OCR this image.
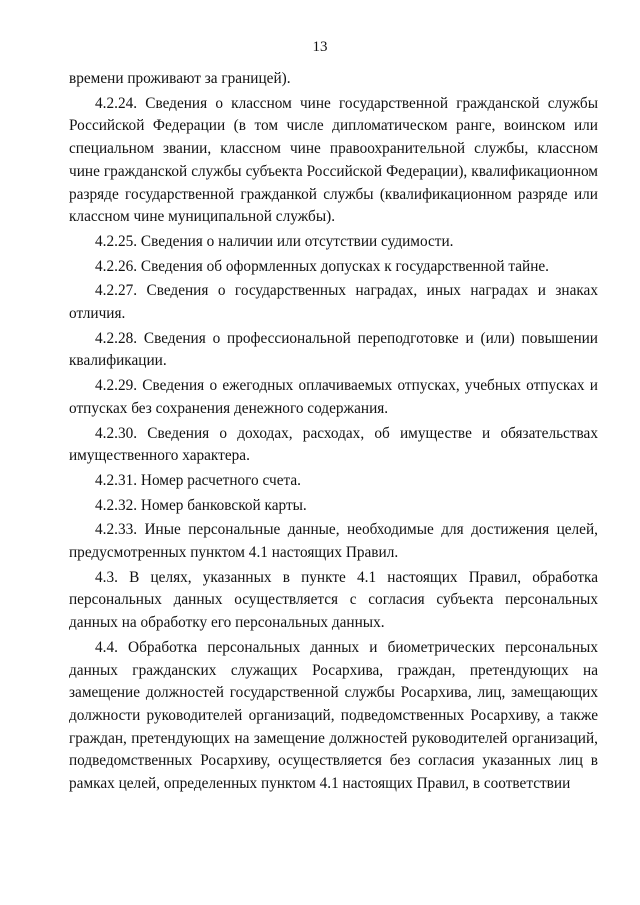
13

времени проживают за границей).

4.2.24. Сведения о классном чине государственной гражданской службы Российской Федерации (в том числе дипломатическом ранге, воинском или специальном звании, классном чине правоохранительной службы, классном чине гражданской службы субъекта Российской Федерации), квалификационном разряде государственной гражданкой службы (квалификационном разряде или классном чине муниципальной службы).

4.2.25. Сведения о наличии или отсутствии судимости.

4.2.26. Сведения об оформленных допусках к государственной тайне.

4.2.27. Сведения о государственных наградах, иных наградах и знаках отличия.

4.2.28. Сведения о профессиональной переподготовке и (или) повышении квалификации.

4.2.29. Сведения о ежегодных оплачиваемых отпусках, учебных отпусках и отпусках без сохранения денежного содержания.

4.2.30. Сведения о доходах, расходах, об имуществе и обязательствах имущественного характера.

4.2.31. Номер расчетного счета.

4.2.32. Номер банковской карты.

4.2.33. Иные персональные данные, необходимые для достижения целей, предусмотренных пунктом 4.1 настоящих Правил.

4.3. В целях, указанных в пункте 4.1 настоящих Правил, обработка персональных данных осуществляется с согласия субъекта персональных данных на обработку его персональных данных.

4.4. Обработка персональных данных и биометрических персональных данных гражданских служащих Росархива, граждан, претендующих на замещение должностей государственной службы Росархива, лиц, замещающих должности руководителей организаций, подведомственных Росархиву, а также граждан, претендующих на замещение должностей руководителей организаций, подведомственных Росархиву, осуществляется без согласия указанных лиц в рамках целей, определенных пунктом 4.1 настоящих Правил, в соответствии
